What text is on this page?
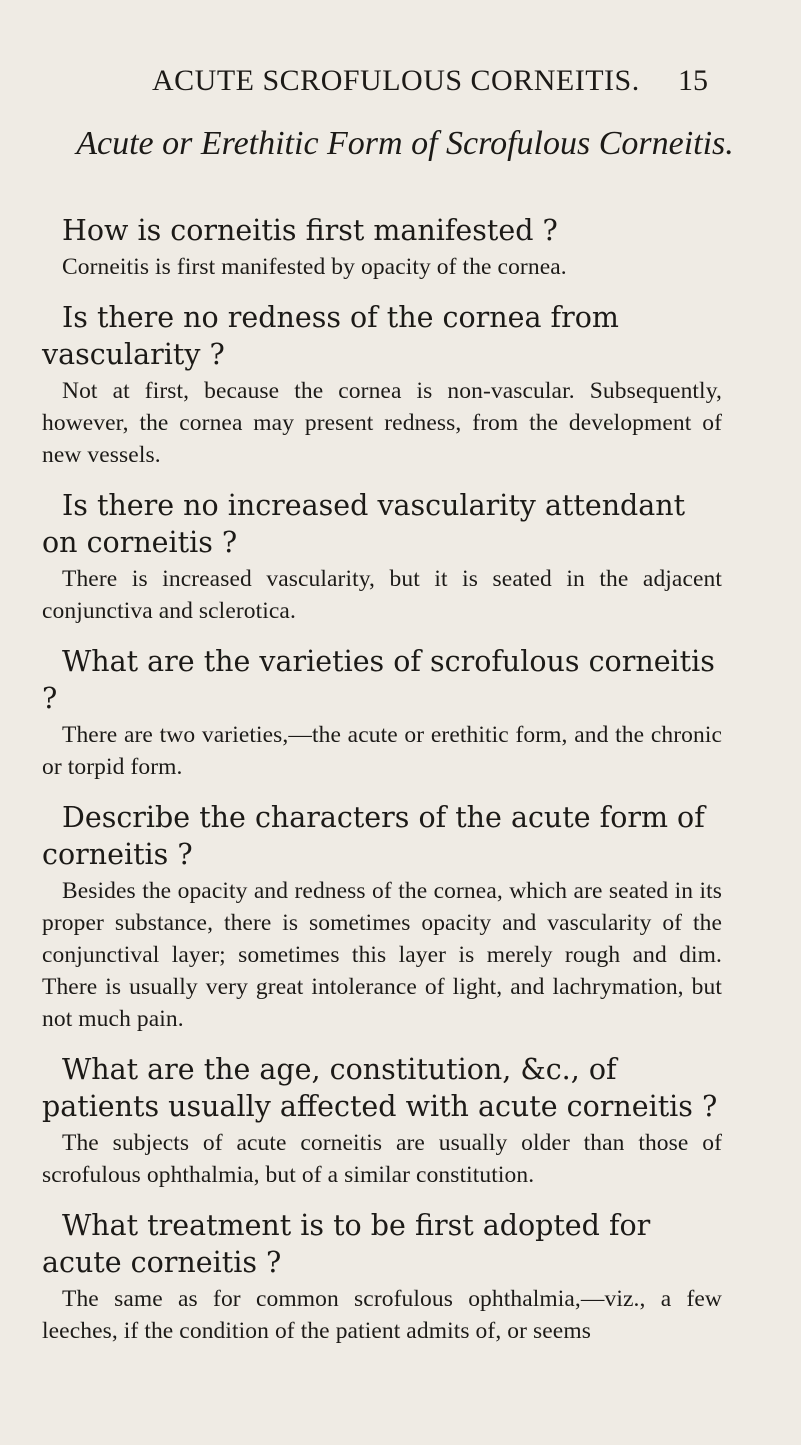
ACUTE SCROFULOUS CORNEITIS. 15
Acute or Erethitic Form of Scrofulous Corneitis.

How is corneitis first manifested ?

Corneitis is first manifested by opacity of the cornea.

Is there no redness of the cornea from vascularity ?

Not at first, because the cornea is non-vascular. Subsequently, however, the cornea may present redness, from the development of new vessels.

Is there no increased vascularity attendant on corneitis ?

There is increased vascularity, but it is seated in the adjacent conjunctiva and sclerotica.

What are the varieties of scrofulous corneitis ?

There are two varieties,—the acute or erethitic form, and the chronic or torpid form.

Describe the characters of the acute form of corneitis ?

Besides the opacity and redness of the cornea, which are seated in its proper substance, there is sometimes opacity and vascularity of the conjunctival layer; sometimes this layer is merely rough and dim. There is usually very great intolerance of light, and lachrymation, but not much pain.

What are the age, constitution, &c., of patients usually affected with acute corneitis ?

The subjects of acute corneitis are usually older than those of scrofulous ophthalmia, but of a similar constitution.

What treatment is to be first adopted for acute corneitis ?

The same as for common scrofulous ophthalmia,—viz., a few leeches, if the condition of the patient admits of, or seems
